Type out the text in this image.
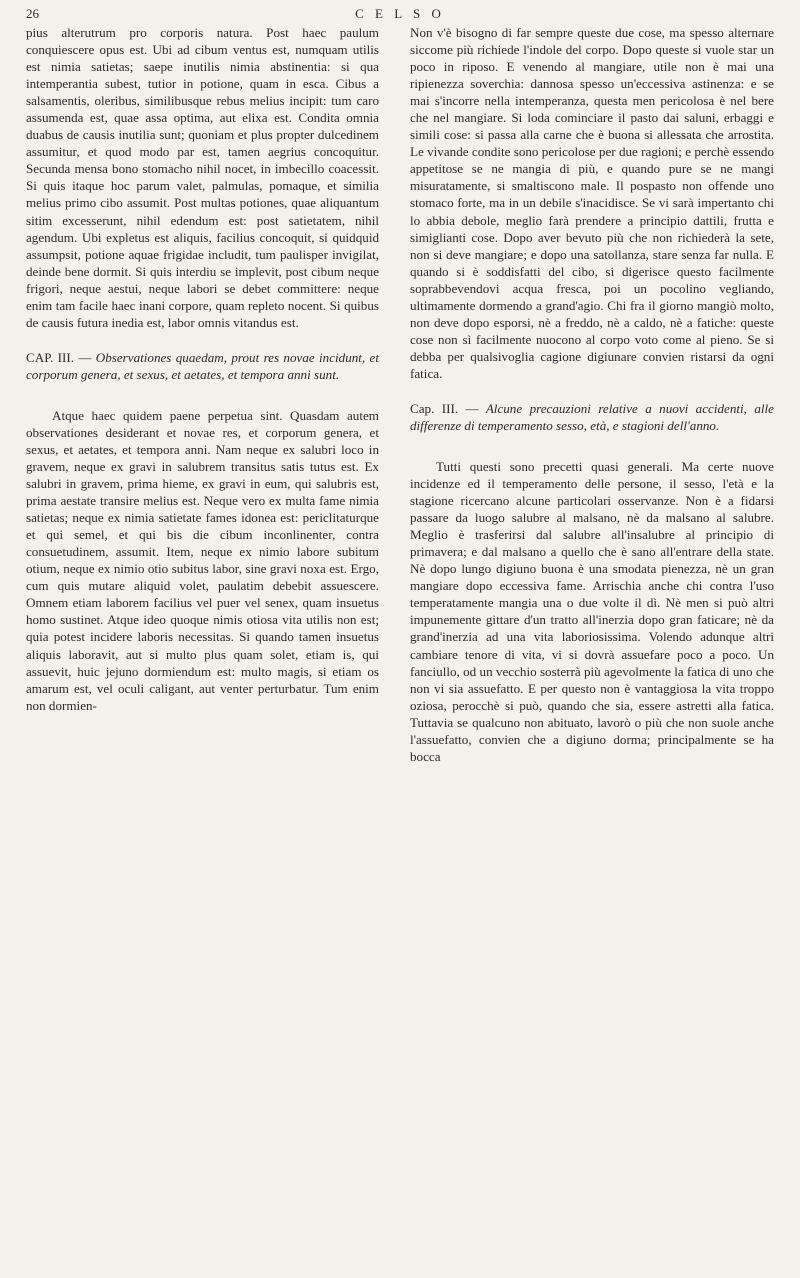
26	C E L S O

pius alterutrum pro corporis natura. Post haec paulum conquiescere opus est. Ubi ad cibum ventus est, numquam utilis est nimia satietas; saepe inutilis nimia abstinentia: si qua intemperantia subest, tutior in potione, quam in esca. Cibus a salsamentis, oleribus, similibusque rebus melius incipit: tum caro assumenda est, quae assa optima, aut elixa est. Condita omnia duabus de causis inutilia sunt; quoniam et plus propter dulcedinem assumitur, et quod modo par est, tamen aegrius concoquitur. Secunda mensa bono stomacho nihil nocet, in imbecillo coacessit. Si quis itaque hoc parum valet, palmulas, pomaque, et similia melius primo cibo assumit. Post multas potiones, quae aliquantum sitim excesserunt, nihil edendum est: post satietatem, nihil agendum. Ubi expletus est aliquis, facilius concoquit, si quidquid assumpsit, potione aquae frigidae includit, tum paulisper invigilat, deinde bene dormit. Si quis interdiu se implevit, post cibum neque frigori, neque aestui, neque labori se debet committere: neque enim tam facile haec inani corpore, quam repleto nocent. Si quibus de causis futura inedia est, labor omnis vitandus est.

CAP. III. — Observationes quaedam, prout res novae incidunt, et corporum genera, et sexus, et aetates, et tempora anni sunt.

Atque haec quidem paene perpetua sint. Quasdam autem observationes desiderant et novae res, et corporum genera, et sexus, et aetates, et tempora anni. Nam neque ex salubri loco in gravem, neque ex gravi in salubrem transitus satis tutus est. Ex salubri in gravem, prima hieme, ex gravi in eum, qui salubris est, prima aestate transire melius est. Neque vero ex multa fame nimia satietas; neque ex nimia satietate fames idonea est: periclitaturque et qui semel, et qui bis die cibum inconlinenter, contra consuetudinem, assumit. Item, neque ex nimio labore subitum otium, neque ex nimio otio subitus labor, sine gravi noxa est. Ergo, cum quis mutare aliquid volet, paulatim debebit assuescere. Omnem etiam laborem facilius vel puer vel senex, quam insuetus homo sustinet. Atque ideo quoque nimis otiosa vita utilis non est; quia potest incidere laboris necessitas. Si quando tamen insuetus aliquis laboravit, aut si multo plus quam solet, etiam is, qui assuevit, huic jejuno dormiendum est: multo magis, si etiam os amarum est, vel oculi caligant, aut venter perturbatur. Tum enim non dormien-

Non v'è bisogno di far sempre queste due cose, ma spesso alternare siccome più richiede l'indole del corpo. Dopo queste si vuole star un poco in riposo. E venendo al mangiare, utile non è mai una ripienezza soverchia: dannosa spesso un'eccessiva astinenza: e se mai s'incorre nella intemperanza, questa men pericolosa è nel bere che nel mangiare. Si loda cominciare il pasto dai saluni, erbaggi e simili cose: si passa alla carne che è buona si allessata che arrostita. Le vivande condite sono pericolose per due ragioni; e perchè essendo appetitose se ne mangia di più, e quando pure se ne mangi misuratamente, si smaltiscono male. Il pospasto non offende uno stomaco forte, ma in un debile s'inacidisce. Se vi sarà impertanto chi lo abbia debole, meglio farà prendere a principio dattili, frutta e simiglianti cose. Dopo aver bevuto più che non richiederà la sete, non si deve mangiare; e dopo una satollanza, stare senza far nulla. E quando si è soddisfatti del cibo, si digerisce questo facilmente soprabbevendovi acqua fresca, poi un pocolino vegliando, ultimamente dormendo a grand'agio. Chi fra il giorno mangiò molto, non deve dopo esporsi, nè a freddo, nè a caldo, nè a fatiche: queste cose non sì facilmente nuocono al corpo voto come al pieno. Se si debba per qualsivoglia cagione digiunare convien ristarsi da ogni fatica.

Cap. III. — Alcune precauzioni relative a nuovi accidenti, alle differenze di temperamento sesso, età, e stagioni dell'anno.

Tutti questi sono precetti quasi generali. Ma certe nuove incidenze ed il temperamento delle persone, il sesso, l'età e la stagione ricercano alcune particolari osservanze. Non è a fidarsi passare da luogo salubre al malsano, nè da malsano al salubre. Meglio è trasferirsi dal salubre all'insalubre al principio di primavera; e dal malsano a quello che è sano all'entrare della state. Nè dopo lungo digiuno buona è una smodata pienezza, nè un gran mangiare dopo eccessiva fame. Arrischia anche chi contra l'uso temperatamente mangia una o due volte il dì. Nè men si può altri impunemente gittare d'un tratto all'inerzia dopo gran faticare; nè da grand'inerzia ad una vita laboriosissima. Volendo adunque altri cambiare tenore di vita, vi si dovrà assuefare poco a poco. Un fanciullo, od un vecchio sosterrà più agevolmente la fatica di uno che non vi sia assuefatto. E per questo non è vantaggiosa la vita troppo oziosa, perocchè si può, quando che sia, essere astretti alla fatica. Tuttavia se qualcuno non abituato, lavorò o più che non suole anche l'assuefatto, convien che a digiuno dorma; principalmente se ha bocca
